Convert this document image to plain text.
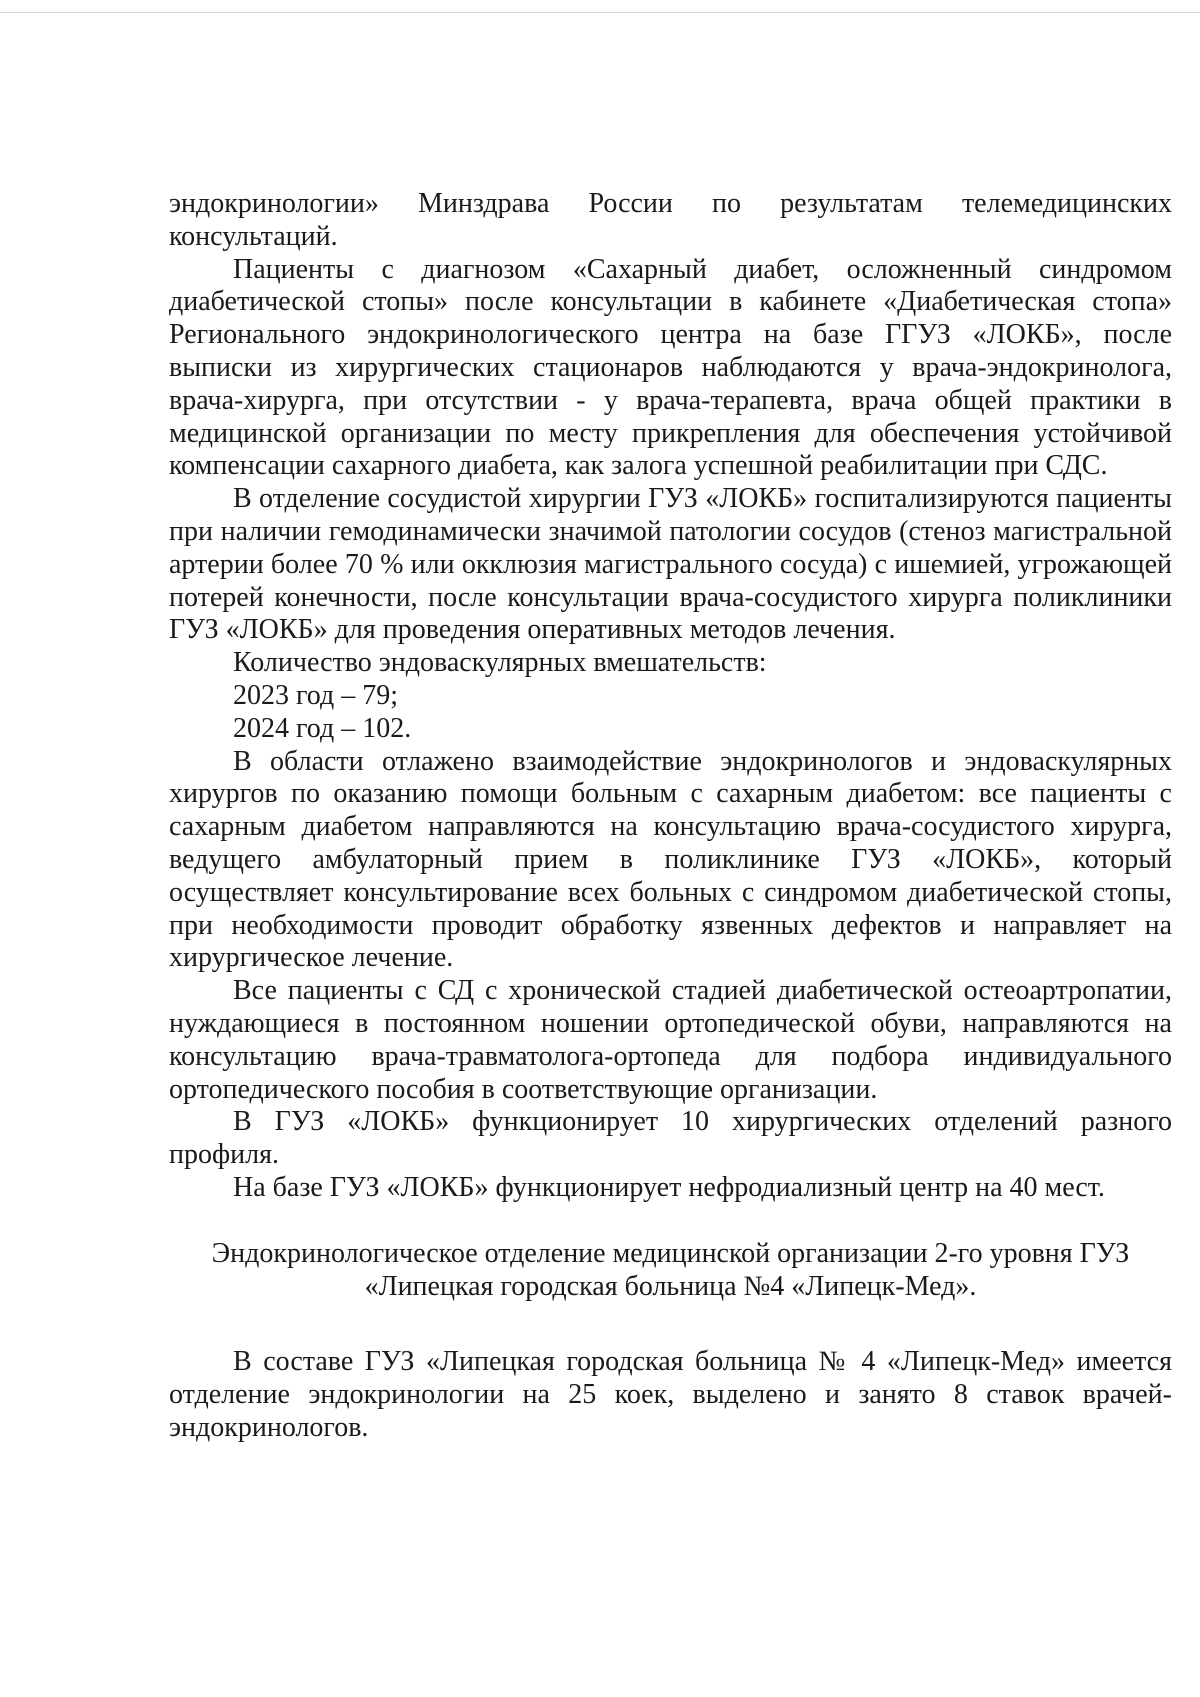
эндокринологии» Минздрава России по результатам телемедицинских консультаций.

Пациенты с диагнозом «Сахарный диабет, осложненный синдромом диабетической стопы» после консультации в кабинете «Диабетическая стопа» Регионального эндокринологического центра на базе ГГУЗ «ЛОКБ», после выписки из хирургических стационаров наблюдаются у врача-эндокринолога, врача-хирурга, при отсутствии - у врача-терапевта, врача общей практики в медицинской организации по месту прикрепления для обеспечения устойчивой компенсации сахарного диабета, как залога успешной реабилитации при СДС.

В отделение сосудистой хирургии ГУЗ «ЛОКБ» госпитализируются пациенты при наличии гемодинамически значимой патологии сосудов (стеноз магистральной артерии более 70 % или окклюзия магистрального сосуда) с ишемией, угрожающей потерей конечности, после консультации врача-сосудистого хирурга поликлиники ГУЗ «ЛОКБ» для проведения оперативных методов лечения.

Количество эндоваскулярных вмешательств:

2023 год – 79;

2024 год – 102.

В области отлажено взаимодействие эндокринологов и эндоваскулярных хирургов по оказанию помощи больным с сахарным диабетом: все пациенты с сахарным диабетом направляются на консультацию врача-сосудистого хирурга, ведущего амбулаторный прием в поликлинике ГУЗ «ЛОКБ», который осуществляет консультирование всех больных с синдромом диабетической стопы, при необходимости проводит обработку язвенных дефектов и направляет на хирургическое лечение.

Все пациенты с СД с хронической стадией диабетической остеоартропатии, нуждающиеся в постоянном ношении ортопедической обуви, направляются на консультацию врача-травматолога-ортопеда для подбора индивидуального ортопедического пособия в соответствующие организации.

В ГУЗ «ЛОКБ» функционирует 10 хирургических отделений разного профиля.

На базе ГУЗ «ЛОКБ» функционирует нефродиализный центр на 40 мест.

Эндокринологическое отделение медицинской организации 2-го уровня ГУЗ
«Липецкая городская больница №4 «Липецк-Мед».

В составе ГУЗ «Липецкая городская больница № 4 «Липецк-Мед» имеется отделение эндокринологии на 25 коек, выделено и занято 8 ставок врачей-эндокринологов.
